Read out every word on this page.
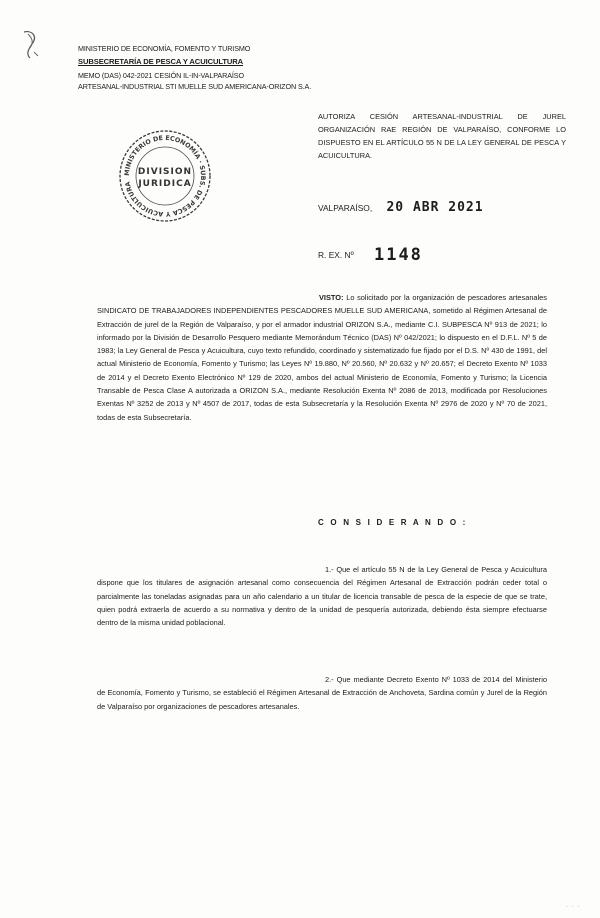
MINISTERIO DE ECONOMÍA, FOMENTO Y TURISMO
SUBSECRETARÍA DE PESCA Y ACUICULTURA
MEMO (DAS) 042-2021 CESIÓN IL-IN-VALPARAÍSO
ARTESANAL-INDUSTRIAL STI MUELLE SUD AMERICANA-ORIZON S.A.
AUTORIZA CESIÓN ARTESANAL-INDUSTRIAL DE JUREL ORGANIZACIÓN RAE REGIÓN DE VALPARAÍSO, CONFORME LO DISPUESTO EN EL ARTÍCULO 55 N DE LA LEY GENERAL DE PESCA Y ACUICULTURA.
MINISTERIO DE ECONOMÍA · SUBS. DE PESCA Y ACUICULTURA
DIVISION
JURIDICA
VALPARAÍSO, 20 ABR 2021
R. EX. Nº 1148
VISTO: Lo solicitado por la organización de pescadores artesanales SINDICATO DE TRABAJADORES INDEPENDIENTES PESCADORES MUELLE SUD AMERICANA, sometido al Régimen Artesanal de Extracción de jurel de la Región de Valparaíso, y por el armador industrial ORIZON S.A., mediante C.I. SUBPESCA Nº 913 de 2021; lo informado por la División de Desarrollo Pesquero mediante Memorándum Técnico (DAS) Nº 042/2021; lo dispuesto en el D.F.L. Nº 5 de 1983; la Ley General de Pesca y Acuicultura, cuyo texto refundido, coordinado y sistematizado fue fijado por el D.S. Nº 430 de 1991, del actual Ministerio de Economía, Fomento y Turismo; las Leyes Nº 19.880, Nº 20.560, Nº 20.632 y Nº 20.657; el Decreto Exento Nº 1033 de 2014 y el Decreto Exento Electrónico Nº 129 de 2020, ambos del actual Ministerio de Economía, Fomento y Turismo; la Licencia Transable de Pesca Clase A autorizada a ORIZON S.A., mediante Resolución Exenta Nº 2086 de 2013, modificada por Resoluciones Exentas Nº 3252 de 2013 y Nº 4507 de 2017, todas de esta Subsecretaría y la Resolución Exenta Nº 2976 de 2020 y Nº 70 de 2021, todas de esta Subsecretaría.
C O N S I D E R A N D O :
1.- Que el artículo 55 N de la Ley General de Pesca y Acuicultura dispone que los titulares de asignación artesanal como consecuencia del Régimen Artesanal de Extracción podrán ceder total o parcialmente las toneladas asignadas para un año calendario a un titular de licencia transable de pesca de la especie de que se trate, quien podrá extraerla de acuerdo a su normativa y dentro de la unidad de pesquería autorizada, debiendo ésta siempre efectuarse dentro de la misma unidad poblacional.
2.- Que mediante Decreto Exento Nº 1033 de 2014 del Ministerio de Economía, Fomento y Turismo, se estableció el Régimen Artesanal de Extracción de Anchoveta, Sardina común y Jurel de la Región de Valparaíso por organizaciones de pescadores artesanales.
· · ·
